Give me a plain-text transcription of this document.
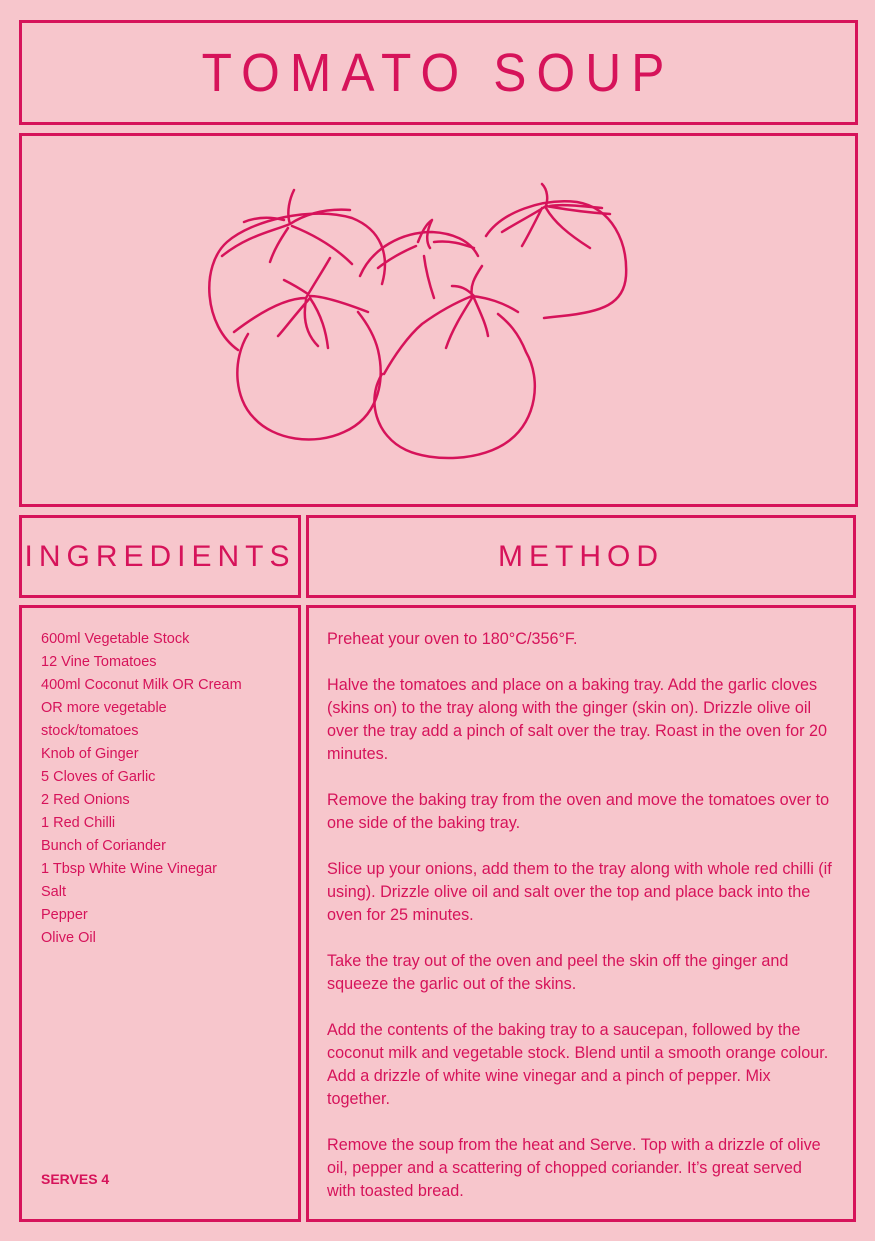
TOMATO SOUP
INGREDIENTS	METHOD
600ml Vegetable Stock
12 Vine Tomatoes
400ml Coconut Milk OR Cream
OR more vegetable
stock/tomatoes
Knob of Ginger
5 Cloves of Garlic
2 Red Onions
1 Red Chilli
Bunch of Coriander
1 Tbsp White Wine Vinegar
Salt
Pepper
Olive Oil

SERVES 4

Preheat your oven to 180°C/356°F.

Halve the tomatoes and place on a baking tray. Add the garlic cloves (skins on) to the tray along with the ginger (skin on). Drizzle olive oil over the tray add a pinch of salt over the tray. Roast in the oven for 20 minutes.

Remove the baking tray from the oven and move the tomatoes over to one side of the baking tray.

Slice up your onions, add them to the tray along with whole red chilli (if using). Drizzle olive oil and salt over the top and place back into the oven for 25 minutes.

Take the tray out of the oven and peel the skin off the ginger and squeeze the garlic out of the skins.

Add the contents of the baking tray to a saucepan, followed by the coconut milk and vegetable stock. Blend until a smooth orange colour. Add a drizzle of white wine vinegar and a pinch of pepper. Mix together.

Remove the soup from the heat and Serve. Top with a drizzle of olive oil, pepper and a scattering of chopped coriander. It’s great served with toasted bread.
